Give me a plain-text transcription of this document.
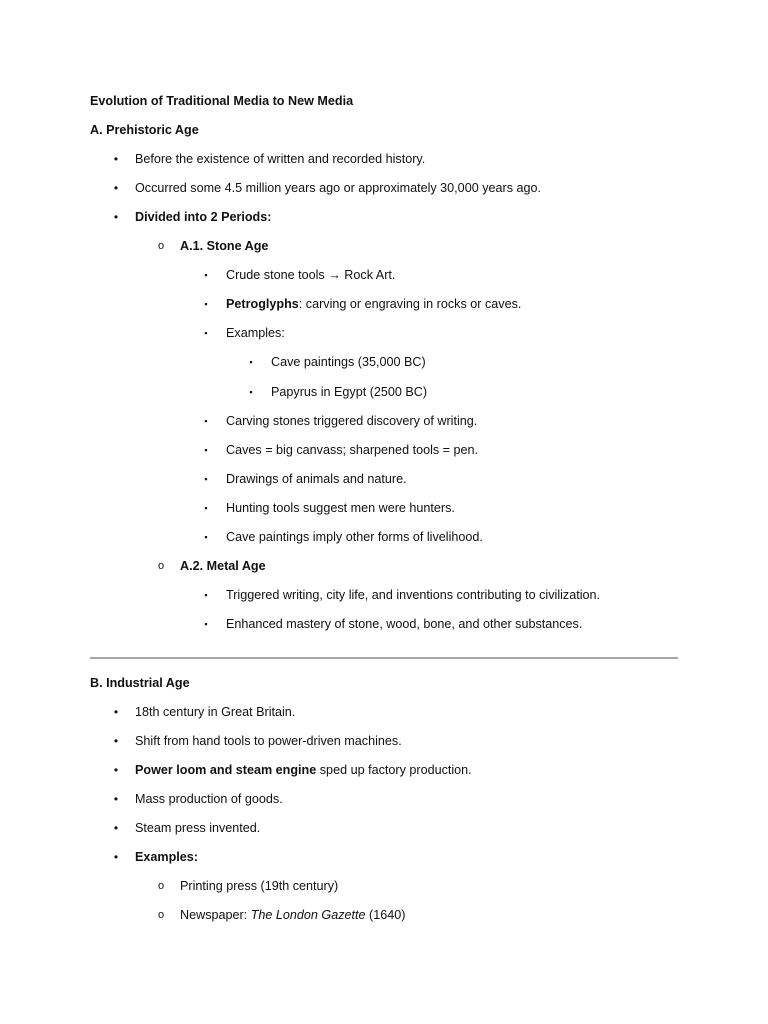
Evolution of Traditional Media to New Media
A. Prehistoric Age
• Before the existence of written and recorded history.
• Occurred some 4.5 million years ago or approximately 30,000 years ago.
• Divided into 2 Periods:
o A.1. Stone Age
▪ Crude stone tools → Rock Art.
▪ Petroglyphs: carving or engraving in rocks or caves.
▪ Examples:
▪ Cave paintings (35,000 BC)
▪ Papyrus in Egypt (2500 BC)
▪ Carving stones triggered discovery of writing.
▪ Caves = big canvass; sharpened tools = pen.
▪ Drawings of animals and nature.
▪ Hunting tools suggest men were hunters.
▪ Cave paintings imply other forms of livelihood.
o A.2. Metal Age
▪ Triggered writing, city life, and inventions contributing to civilization.
▪ Enhanced mastery of stone, wood, bone, and other substances.
B. Industrial Age
• 18th century in Great Britain.
• Shift from hand tools to power-driven machines.
• Power loom and steam engine sped up factory production.
• Mass production of goods.
• Steam press invented.
• Examples:
o Printing press (19th century)
o Newspaper: The London Gazette (1640)
